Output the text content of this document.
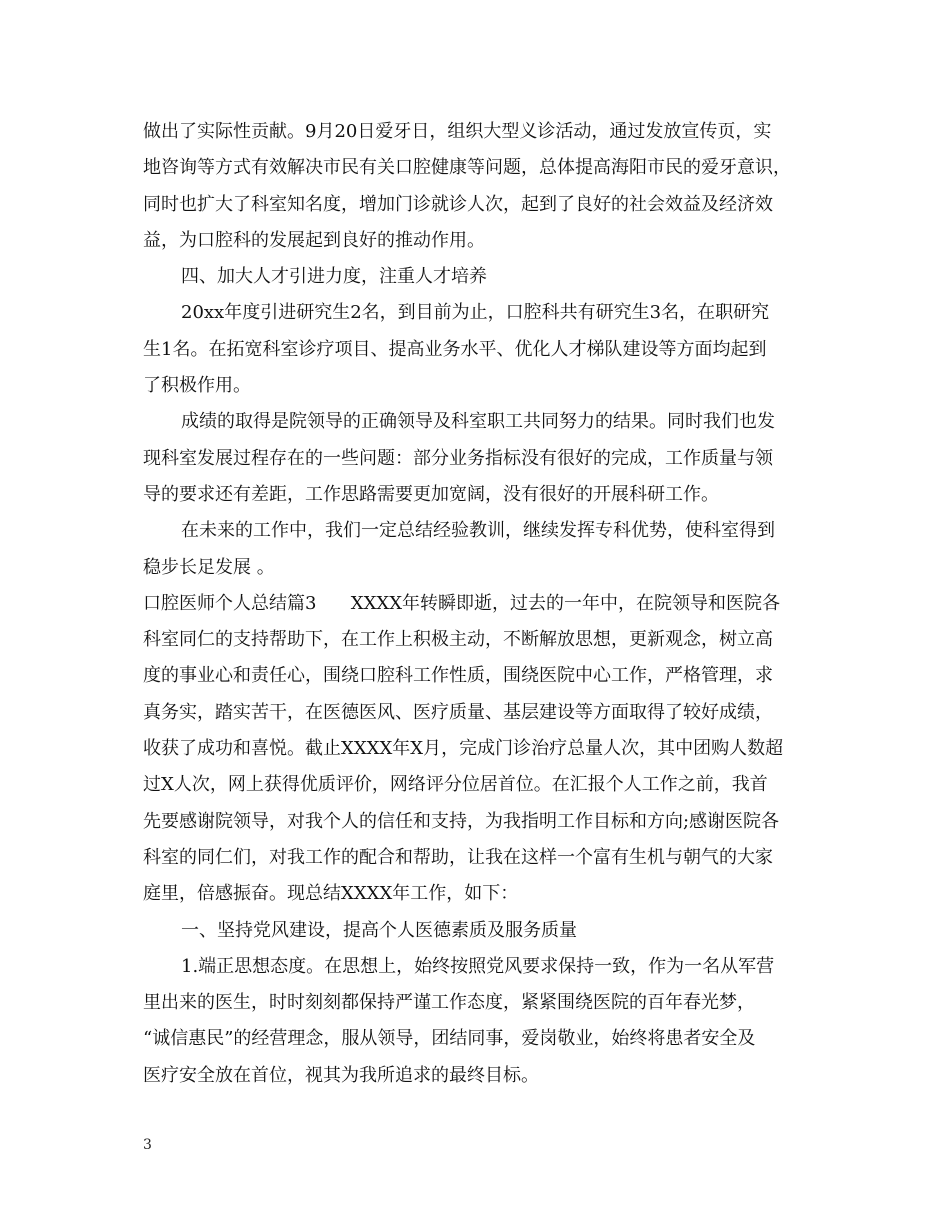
做出了实际性贡献。9月20日爱牙日，组织大型义诊活动，通过发放宣传页，实
地咨询等方式有效解决市民有关口腔健康等问题，总体提高海阳市民的爱牙意识，
同时也扩大了科室知名度，增加门诊就诊人次，起到了良好的社会效益及经济效
益，为口腔科的发展起到良好的推动作用。
四、加大人才引进力度，注重人才培养
20xx年度引进研究生2名，到目前为止，口腔科共有研究生3名，在职研究
生1名。在拓宽科室诊疗项目、提高业务水平、优化人才梯队建设等方面均起到
了积极作用。
成绩的取得是院领导的正确领导及科室职工共同努力的结果。同时我们也发
现科室发展过程存在的一些问题：部分业务指标没有很好的完成，工作质量与领
导的要求还有差距，工作思路需要更加宽阔，没有很好的开展科研工作。
在未来的工作中，我们一定总结经验教训，继续发挥专科优势，使科室得到
稳步长足发展 。
口腔医师个人总结篇3      XXXX年转瞬即逝，过去的一年中，在院领导和医院各
科室同仁的支持帮助下，在工作上积极主动，不断解放思想，更新观念，树立高
度的事业心和责任心，围绕口腔科工作性质，围绕医院中心工作，严格管理，求
真务实，踏实苦干，在医德医风、医疗质量、基层建设等方面取得了较好成绩，
收获了成功和喜悦。截止XXXX年X月，完成门诊治疗总量人次，其中团购人数超
过X人次，网上获得优质评价，网络评分位居首位。在汇报个人工作之前，我首
先要感谢院领导，对我个人的信任和支持，为我指明工作目标和方向;感谢医院各
科室的同仁们，对我工作的配合和帮助，让我在这样一个富有生机与朝气的大家
庭里，倍感振奋。现总结XXXX年工作，如下：
一、坚持党风建设，提高个人医德素质及服务质量
1.端正思想态度。在思想上，始终按照党风要求保持一致，作为一名从军营
里出来的医生，时时刻刻都保持严谨工作态度，紧紧围绕医院的百年春光梦，
“诚信惠民”的经营理念，服从领导，团结同事，爱岗敬业，始终将患者安全及
医疗安全放在首位，视其为我所追求的最终目标。
3
